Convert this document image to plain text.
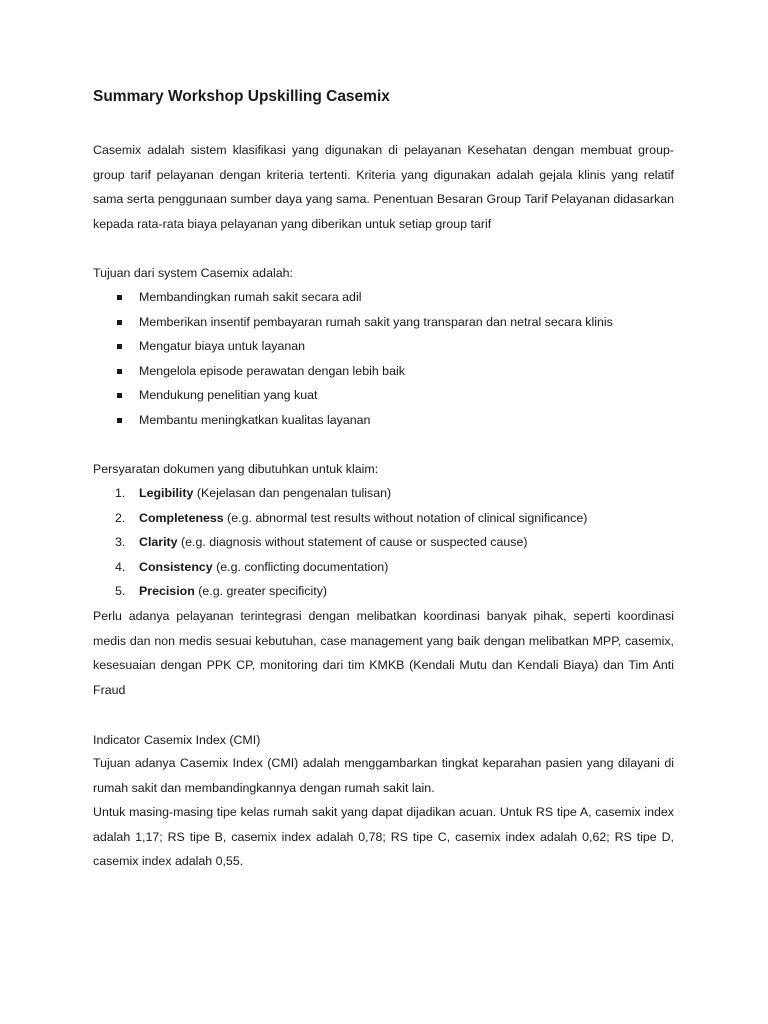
Summary Workshop Upskilling Casemix
Casemix adalah sistem klasifikasi yang digunakan di pelayanan Kesehatan dengan membuat group-group tarif pelayanan dengan kriteria tertenti. Kriteria yang digunakan adalah gejala klinis yang relatif sama serta penggunaan sumber daya yang sama. Penentuan Besaran Group Tarif Pelayanan didasarkan kepada rata-rata biaya pelayanan yang diberikan untuk setiap group tarif
Tujuan dari system Casemix adalah:
Membandingkan rumah sakit secara adil
Memberikan insentif pembayaran rumah sakit yang transparan dan netral secara klinis
Mengatur biaya untuk layanan
Mengelola episode perawatan dengan lebih baik
Mendukung penelitian yang kuat
Membantu meningkatkan kualitas layanan
Persyaratan dokumen yang dibutuhkan untuk klaim:
1. Legibility (Kejelasan dan pengenalan tulisan)
2. Completeness (e.g. abnormal test results without notation of clinical significance)
3. Clarity (e.g. diagnosis without statement of cause or suspected cause)
4. Consistency (e.g. conflicting documentation)
5. Precision (e.g. greater specificity)
Perlu adanya pelayanan terintegrasi dengan melibatkan koordinasi banyak pihak, seperti koordinasi medis dan non medis sesuai kebutuhan, case management yang baik dengan melibatkan MPP, casemix, kesesuaian dengan PPK CP, monitoring dari tim KMKB (Kendali Mutu dan Kendali Biaya) dan Tim Anti Fraud
Indicator Casemix Index (CMI)
Tujuan adanya Casemix Index (CMI) adalah menggambarkan tingkat keparahan pasien yang dilayani di rumah sakit dan membandingkannya dengan rumah sakit lain.
Untuk masing-masing tipe kelas rumah sakit yang dapat dijadikan acuan. Untuk RS tipe A, casemix index adalah 1,17; RS tipe B, casemix index adalah 0,78; RS tipe C, casemix index adalah 0,62; RS tipe D, casemix index adalah 0,55.
